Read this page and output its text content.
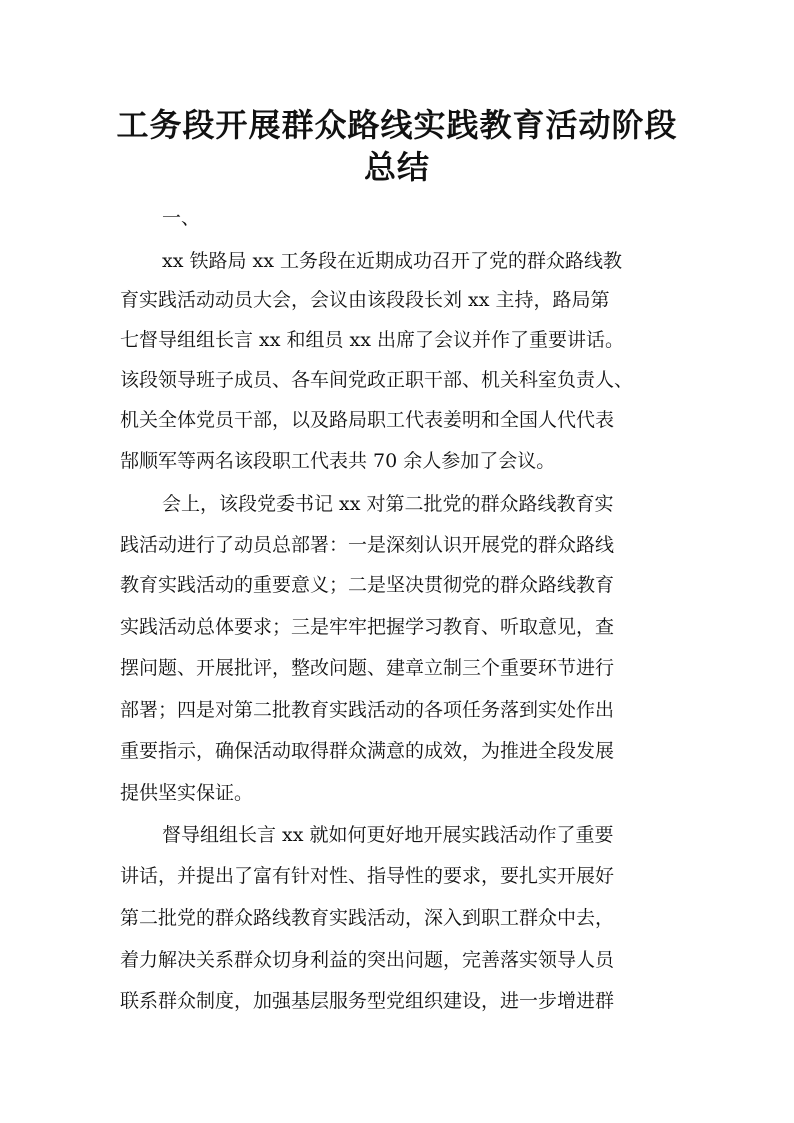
工务段开展群众路线实践教育活动阶段
总结
一、
xx 铁路局 xx 工务段在近期成功召开了党的群众路线教
育实践活动动员大会，会议由该段段长刘 xx 主持，路局第
七督导组组长言 xx 和组员 xx 出席了会议并作了重要讲话。
该段领导班子成员、各车间党政正职干部、机关科室负责人、
机关全体党员干部，以及路局职工代表姜明和全国人代代表
郜顺军等两名该段职工代表共 70 余人参加了会议。
会上，该段党委书记 xx 对第二批党的群众路线教育实
践活动进行了动员总部署：一是深刻认识开展党的群众路线
教育实践活动的重要意义；二是坚决贯彻党的群众路线教育
实践活动总体要求；三是牢牢把握学习教育、听取意见，查
摆问题、开展批评，整改问题、建章立制三个重要环节进行
部署；四是对第二批教育实践活动的各项任务落到实处作出
重要指示，确保活动取得群众满意的成效，为推进全段发展
提供坚实保证。
督导组组长言 xx 就如何更好地开展实践活动作了重要
讲话，并提出了富有针对性、指导性的要求，要扎实开展好
第二批党的群众路线教育实践活动，深入到职工群众中去，
着力解决关系群众切身利益的突出问题，完善落实领导人员
联系群众制度，加强基层服务型党组织建设，进一步增进群
